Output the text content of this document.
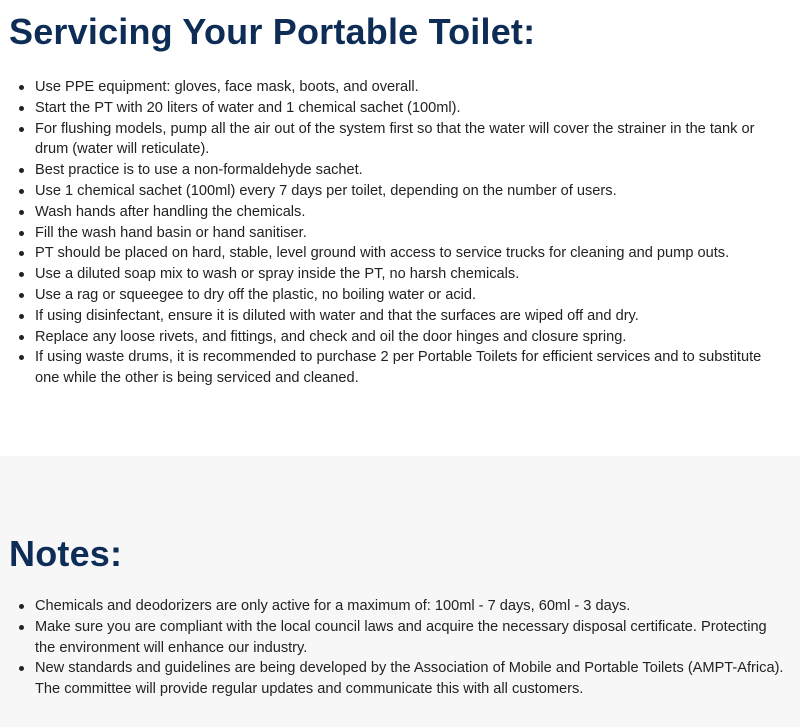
Servicing Your Portable Toilet:
Use PPE equipment: gloves, face mask, boots, and overall.
Start the PT with 20 liters of water and 1 chemical sachet (100ml).
For flushing models, pump all the air out of the system first so that the water will cover the strainer in the tank or drum (water will reticulate).
Best practice is to use a non-formaldehyde sachet.
Use 1 chemical sachet (100ml) every 7 days per toilet, depending on the number of users.
Wash hands after handling the chemicals.
Fill the wash hand basin or hand sanitiser.
PT should be placed on hard, stable, level ground with access to service trucks for cleaning and pump outs.
Use a diluted soap mix to wash or spray inside the PT, no harsh chemicals.
Use a rag or squeegee to dry off the plastic, no boiling water or acid.
If using disinfectant, ensure it is diluted with water and that the surfaces are wiped off and dry.
Replace any loose rivets, and fittings, and check and oil the door hinges and closure spring.
If using waste drums, it is recommended to purchase 2 per Portable Toilets for efficient services and to substitute one while the other is being serviced and cleaned.
Notes:
Chemicals and deodorizers are only active for a maximum of: 100ml - 7 days, 60ml - 3 days.
Make sure you are compliant with the local council laws and acquire the necessary disposal certificate. Protecting the environment will enhance our industry.
New standards and guidelines are being developed by the Association of Mobile and Portable Toilets (AMPT-Africa). The committee will provide regular updates and communicate this with all customers.
